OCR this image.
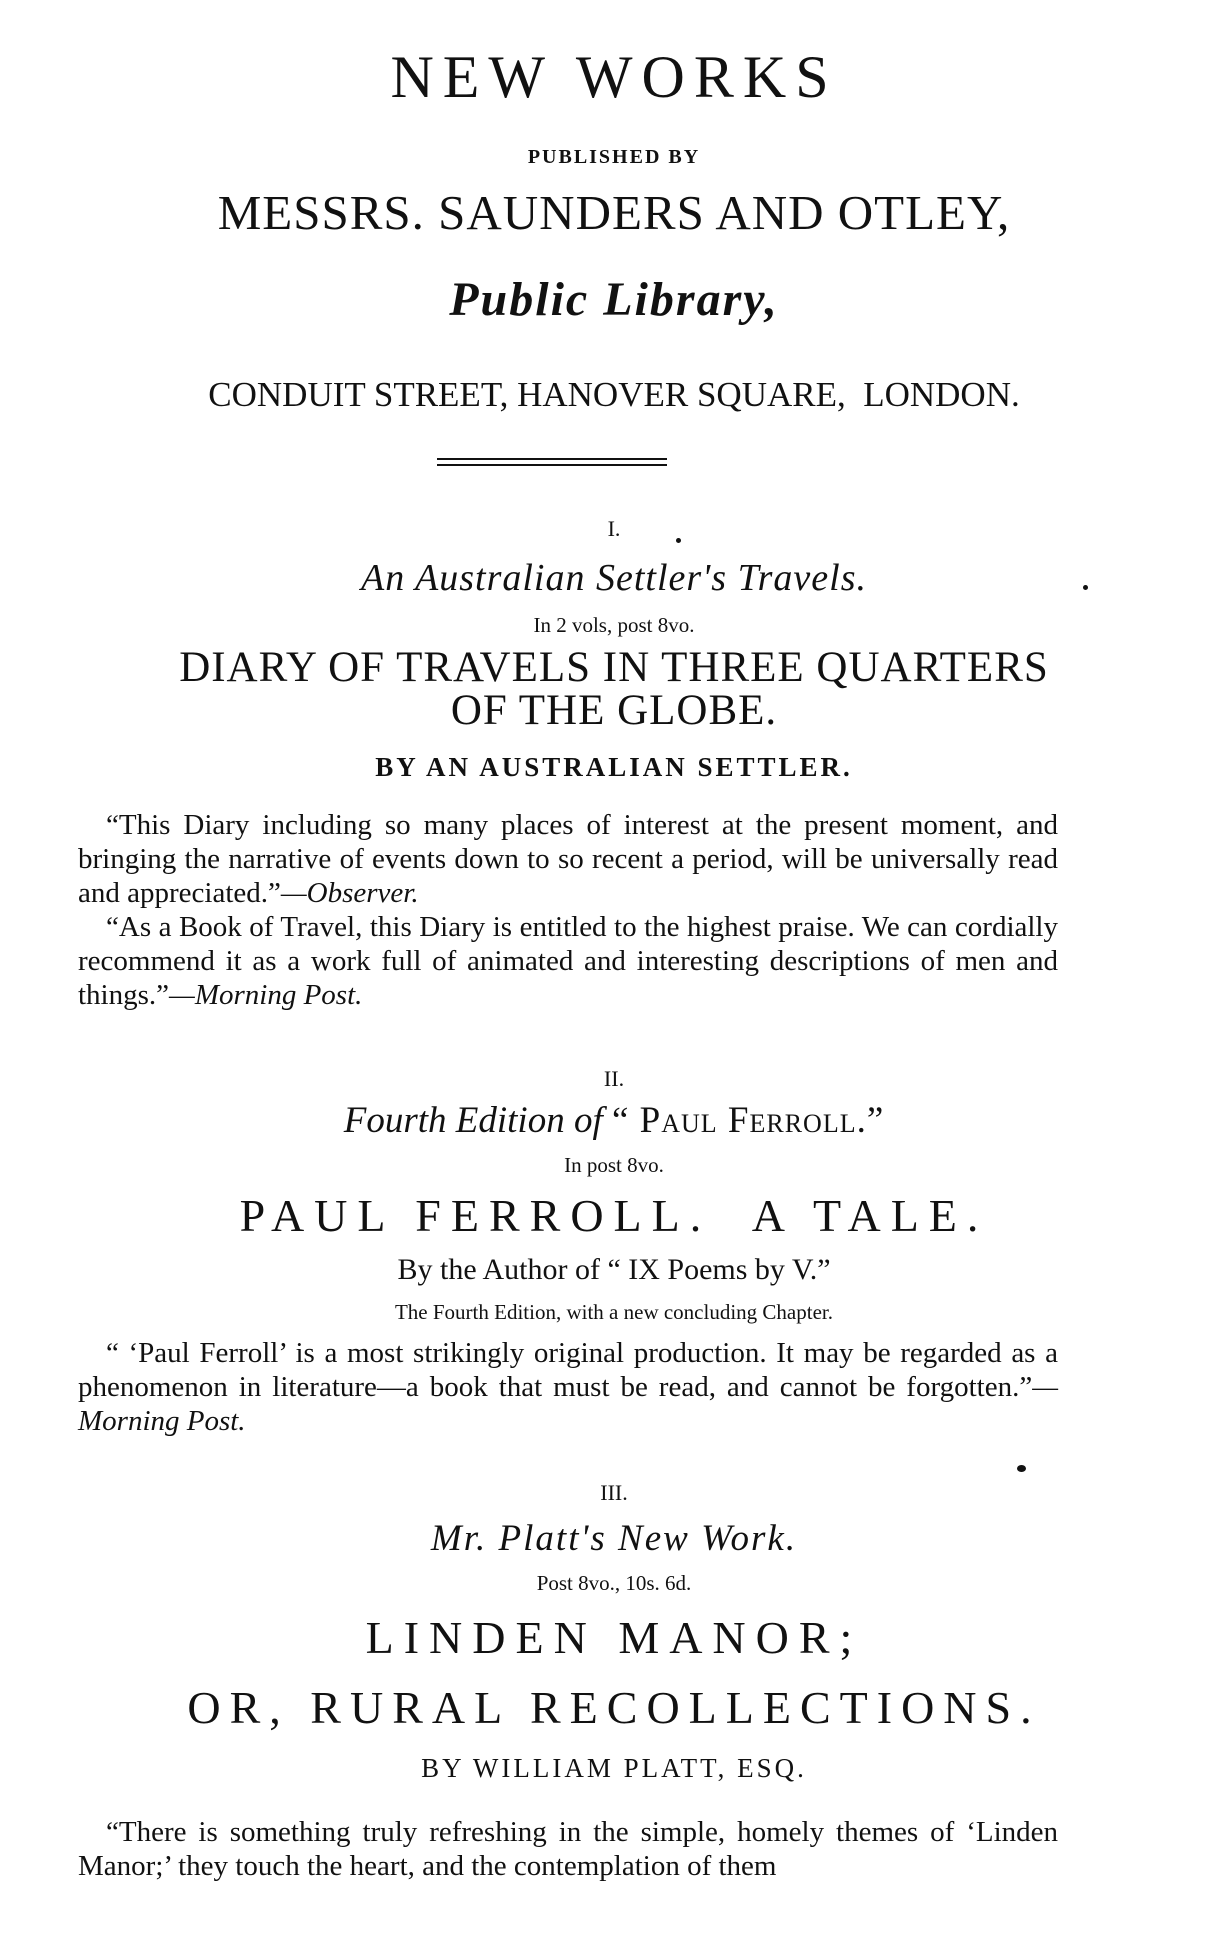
NEW WORKS
PUBLISHED BY
MESSRS. SAUNDERS AND OTLEY,
Public Library,
CONDUIT STREET, HANOVER SQUARE,  LONDON.
I.
An Australian Settler's Travels.
In 2 vols, post 8vo.
DIARY OF TRAVELS IN THREE QUARTERS
OF THE GLOBE.
BY AN AUSTRALIAN SETTLER.

“This Diary including so many places of interest at the present moment, and bringing the narrative of events down to so recent a period, will be universally read and appreciated.”—Observer.

“As a Book of Travel, this Diary is entitled to the highest praise. We can cordially recommend it as a work full of animated and interesting descriptions of men and things.”—Morning Post.

II.
Fourth Edition of “ Paul Ferroll.”
In post 8vo.
PAUL FERROLL.  A TALE.
By the Author of “ IX Poems by V.”
The Fourth Edition, with a new concluding Chapter.

“ ‘Paul Ferroll’ is a most strikingly original production. It may be regarded as a phenomenon in literature—a book that must be read, and cannot be forgotten.”—Morning Post.

III.
Mr. Platt's New Work.
Post 8vo., 10s. 6d.
LINDEN MANOR;
OR, RURAL RECOLLECTIONS.
BY WILLIAM PLATT, ESQ.

“There is something truly refreshing in the simple, homely themes of ‘Linden Manor;’ they touch the heart, and the contemplation of them
